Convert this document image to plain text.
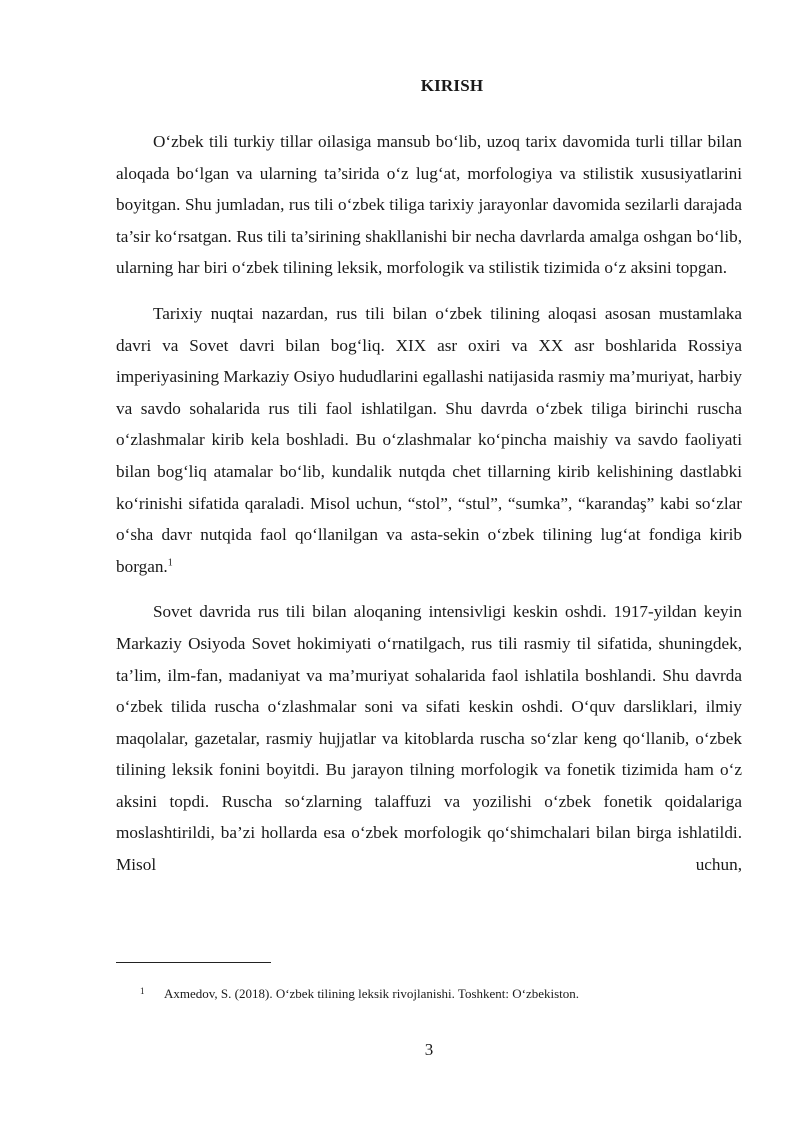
KIRISH

O‘zbek tili turkiy tillar oilasiga mansub bo‘lib, uzoq tarix davomida turli tillar bilan aloqada bo‘lgan va ularning ta’sirida o‘z lug‘at, morfologiya va stilistik xususiyatlarini boyitgan. Shu jumladan, rus tili o‘zbek tiliga tarixiy jarayonlar davomida sezilarli darajada ta’sir ko‘rsatgan. Rus tili ta’sirining shakllanishi bir necha davrlarda amalga oshgan bo‘lib, ularning har biri o‘zbek tilining leksik, morfologik va stilistik tizimida o‘z aksini topgan.

Tarixiy nuqtai nazardan, rus tili bilan o‘zbek tilining aloqasi asosan mustamlaka davri va Sovet davri bilan bog‘liq. XIX asr oxiri va XX asr boshlarida Rossiya imperiyasining Markaziy Osiyo hududlarini egallashi natijasida rasmiy ma’muriyat, harbiy va savdo sohalarida rus tili faol ishlatilgan. Shu davrda o‘zbek tiliga birinchi ruscha o‘zlashmalar kirib kela boshladi. Bu o‘zlashmalar ko‘pincha maishiy va savdo faoliyati bilan bog‘liq atamalar bo‘lib, kundalik nutqda chet tillarning kirib kelishining dastlabki ko‘rinishi sifatida qaraladi. Misol uchun, “stol”, “stul”, “sumka”, “karandaş” kabi so‘zlar o‘sha davr nutqida faol qo‘llanilgan va asta-sekin o‘zbek tilining lug‘at fondiga kirib borgan.$^1$

Sovet davrida rus tili bilan aloqaning intensivligi keskin oshdi. 1917-yildan keyin Markaziy Osiyoda Sovet hokimiyati o‘rnatilgach, rus tili rasmiy til sifatida, shuningdek, ta’lim, ilm-fan, madaniyat va ma’muriyat sohalarida faol ishlatila boshlandi. Shu davrda o‘zbek tilida ruscha o‘zlashmalar soni va sifati keskin oshdi. O‘quv darsliklari, ilmiy maqolalar, gazetalar, rasmiy hujjatlar va kitoblarda ruscha so‘zlar keng qo‘llanib, o‘zbek tilining leksik fonini boyitdi. Bu jarayon tilning morfologik va fonetik tizimida ham o‘z aksini topdi. Ruscha so‘zlarning talaffuzi va yozilishi o‘zbek fonetik qoidalariga moslashtirildi, ba’zi hollarda esa o‘zbek morfologik qo‘shimchalari bilan birga ishlatildi. Misol uchun,

1 Axmedov, S. (2018). O‘zbek tilining leksik rivojlanishi. Toshkent: O‘zbekiston.
3
